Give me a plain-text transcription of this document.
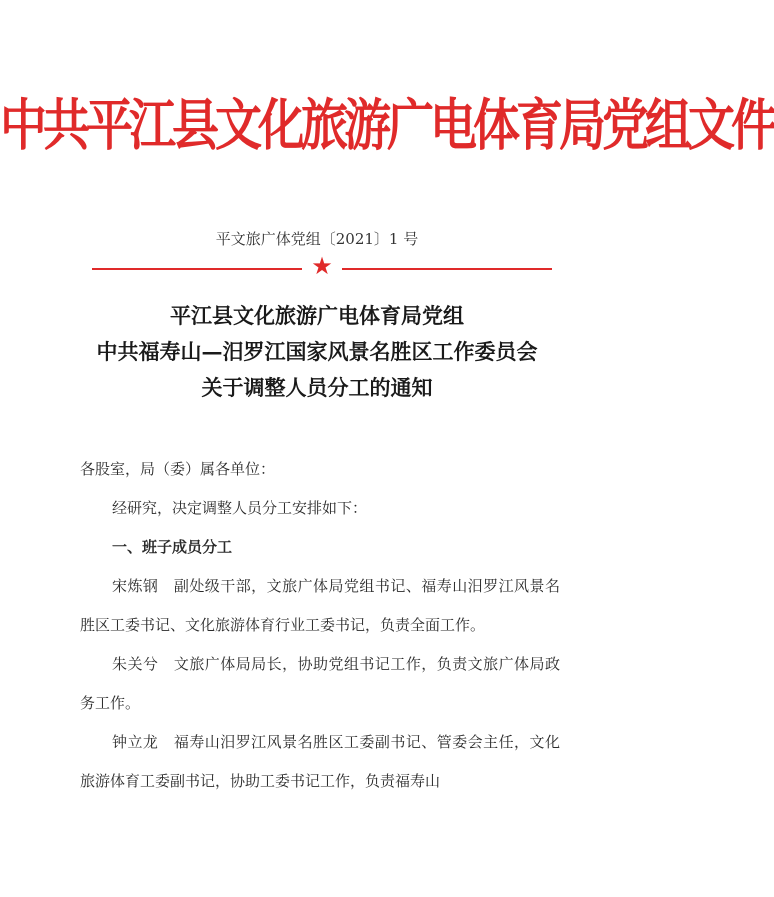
中共平江县文化旅游广电体育局党组文件
平文旅广体党组〔2021〕1 号
★
平江县文化旅游广电体育局党组
中共福寿山—汨罗江国家风景名胜区工作委员会
关于调整人员分工的通知

各股室，局（委）属各单位：

经研究，决定调整人员分工安排如下：

一、班子成员分工

宋炼钢　副处级干部，文旅广体局党组书记、福寿山汨罗江风景名胜区工委书记、文化旅游体育行业工委书记，负责全面工作。

朱关兮　文旅广体局局长，协助党组书记工作，负责文旅广体局政务工作。

钟立龙　福寿山汨罗江风景名胜区工委副书记、管委会主任，文化旅游体育工委副书记，协助工委书记工作，负责福寿山
